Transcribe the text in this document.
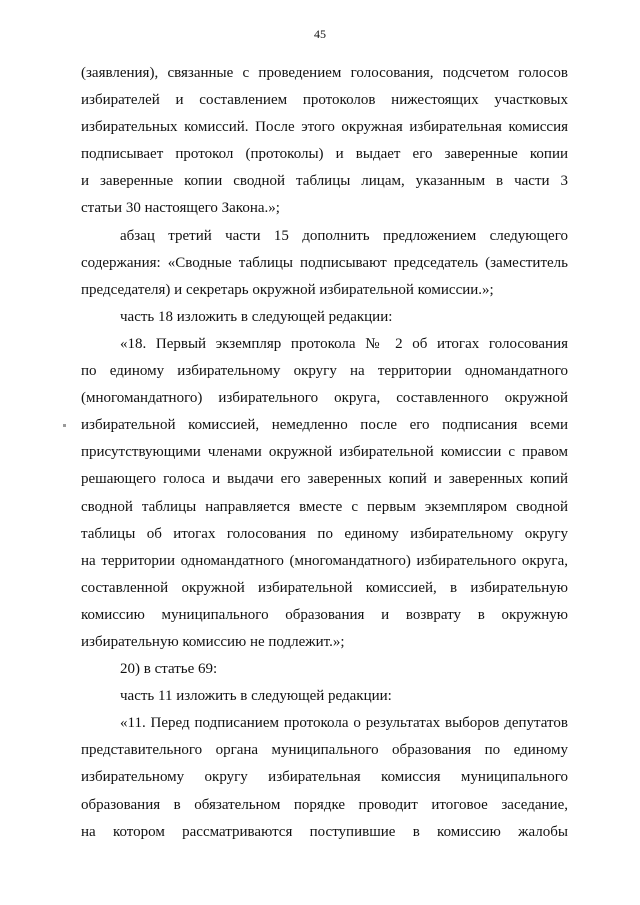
45
(заявления), связанные с проведением голосования, подсчетом голосов
избирателей и составлением протоколов нижестоящих участковых
избирательных комиссий. После этого окружная избирательная комиссия
подписывает протокол (протоколы) и выдает его заверенные копии
и заверенные копии сводной таблицы лицам, указанным в части 3
статьи 30 настоящего Закона.»;
абзац третий части 15 дополнить предложением следующего
содержания: «Сводные таблицы подписывают председатель (заместитель
председателя) и секретарь окружной избирательной комиссии.»;
часть 18 изложить в следующей редакции:
«18. Первый экземпляр протокола № 2 об итогах голосования
по единому избирательному округу на территории одномандатного
(многомандатного) избирательного округа, составленного окружной
избирательной комиссией, немедленно после его подписания всеми
присутствующими членами окружной избирательной комиссии с правом
решающего голоса и выдачи его заверенных копий и заверенных копий
сводной таблицы направляется вместе с первым экземпляром сводной
таблицы об итогах голосования по единому избирательному округу
на территории одномандатного (многомандатного) избирательного округа,
составленной окружной избирательной комиссией, в избирательную
комиссию муниципального образования и возврату в окружную
избирательную комиссию не подлежит.»;
20) в статье 69:
часть 11 изложить в следующей редакции:
«11. Перед подписанием протокола о результатах выборов депутатов
представительного органа муниципального образования по единому
избирательному округу избирательная комиссия муниципального
образования в обязательном порядке проводит итоговое заседание,
на котором рассматриваются поступившие в комиссию жалобы
